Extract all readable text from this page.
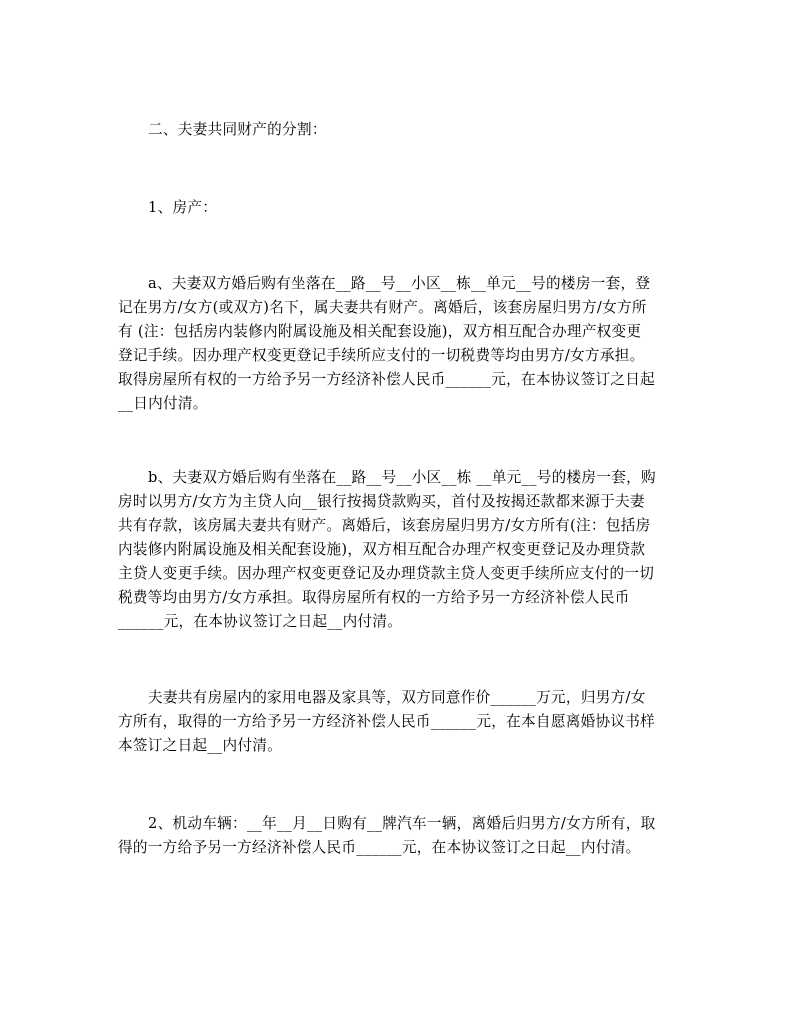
二、夫妻共同财产的分割：
1、房产：
a、夫妻双方婚后购有坐落在__路__号__小区__栋__单元__号的楼房一套，登
记在男方/女方(或双方)名下，属夫妻共有财产。离婚后，该套房屋归男方/女方所
有 (注：包括房内装修内附属设施及相关配套设施)，双方相互配合办理产权变更
登记手续。因办理产权变更登记手续所应支付的一切税费等均由男方/女方承担。
取得房屋所有权的一方给予另一方经济补偿人民币______元，在本协议签订之日起
__日内付清。
b、夫妻双方婚后购有坐落在__路__号__小区__栋 __单元__号的楼房一套，购
房时以男方/女方为主贷人向__银行按揭贷款购买，首付及按揭还款都来源于夫妻
共有存款，该房属夫妻共有财产。离婚后，该套房屋归男方/女方所有(注：包括房
内装修内附属设施及相关配套设施)，双方相互配合办理产权变更登记及办理贷款
主贷人变更手续。因办理产权变更登记及办理贷款主贷人变更手续所应支付的一切
税费等均由男方/女方承担。取得房屋所有权的一方给予另一方经济补偿人民币
______元，在本协议签订之日起__内付清。
夫妻共有房屋内的家用电器及家具等，双方同意作价______万元，归男方/女
方所有，取得的一方给予另一方经济补偿人民币______元，在本自愿离婚协议书样
本签订之日起__内付清。
2、机动车辆：__年__月__日购有__牌汽车一辆，离婚后归男方/女方所有，取
得的一方给予另一方经济补偿人民币______元，在本协议签订之日起__内付清。
